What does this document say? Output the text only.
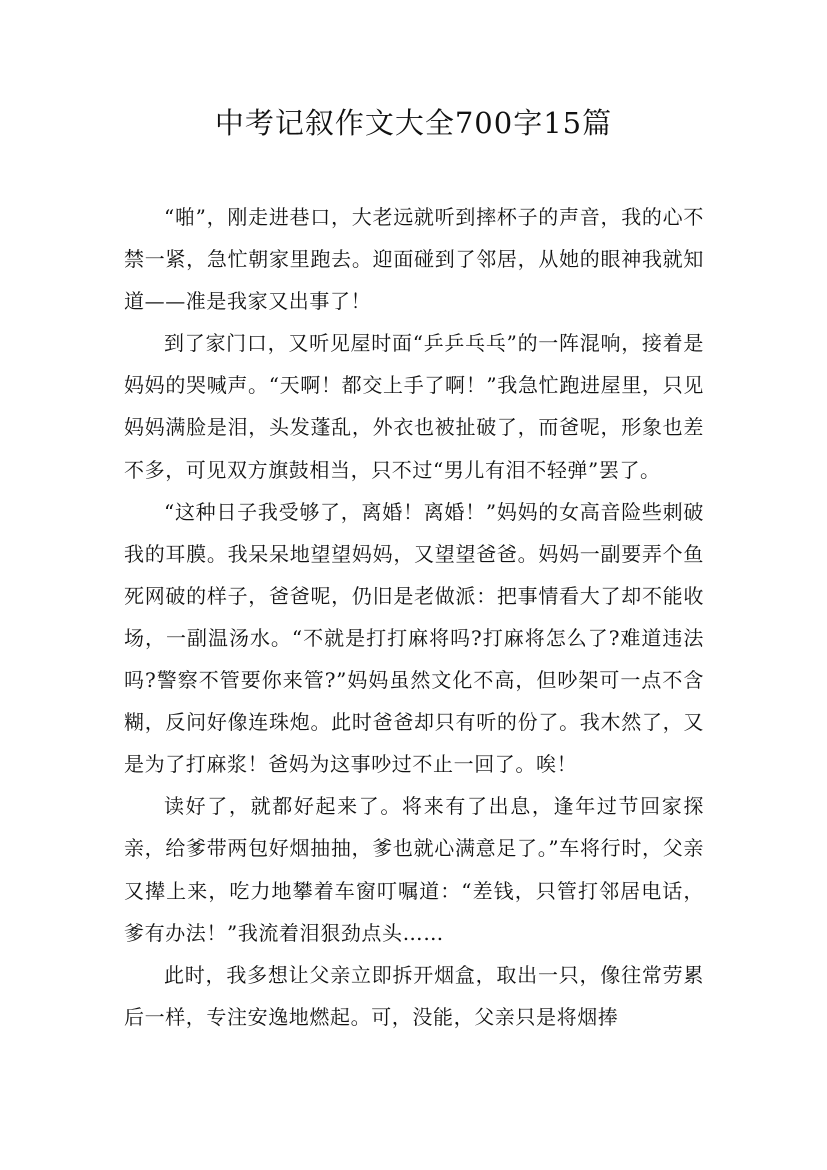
中考记叙作文大全700字15篇

“啪”，刚走进巷口，大老远就听到摔杯子的声音，我的心不禁一紧，急忙朝家里跑去。迎面碰到了邻居，从她的眼神我就知道——准是我家又出事了！

到了家门口，又听见屋时面“乒乒乓乓”的一阵混响，接着是妈妈的哭喊声。“天啊！都交上手了啊！”我急忙跑进屋里，只见妈妈满脸是泪，头发蓬乱，外衣也被扯破了，而爸呢，形象也差不多，可见双方旗鼓相当，只不过“男儿有泪不轻弹”罢了。

“这种日子我受够了，离婚！离婚！”妈妈的女高音险些刺破我的耳膜。我呆呆地望望妈妈，又望望爸爸。妈妈一副要弄个鱼死网破的样子，爸爸呢，仍旧是老做派：把事情看大了却不能收场，一副温汤水。“不就是打打麻将吗?打麻将怎么了?难道违法吗?警察不管要你来管?”妈妈虽然文化不高，但吵架可一点不含糊，反问好像连珠炮。此时爸爸却只有听的份了。我木然了，又是为了打麻浆！爸妈为这事吵过不止一回了。唉！

读好了，就都好起来了。将来有了出息，逢年过节回家探亲，给爹带两包好烟抽抽，爹也就心满意足了。”车将行时，父亲又撵上来，吃力地攀着车窗叮嘱道：“差钱，只管打邻居电话，爹有办法！”我流着泪狠劲点头……

此时，我多想让父亲立即拆开烟盒，取出一只，像往常劳累后一样，专注安逸地燃起。可，没能，父亲只是将烟捧
